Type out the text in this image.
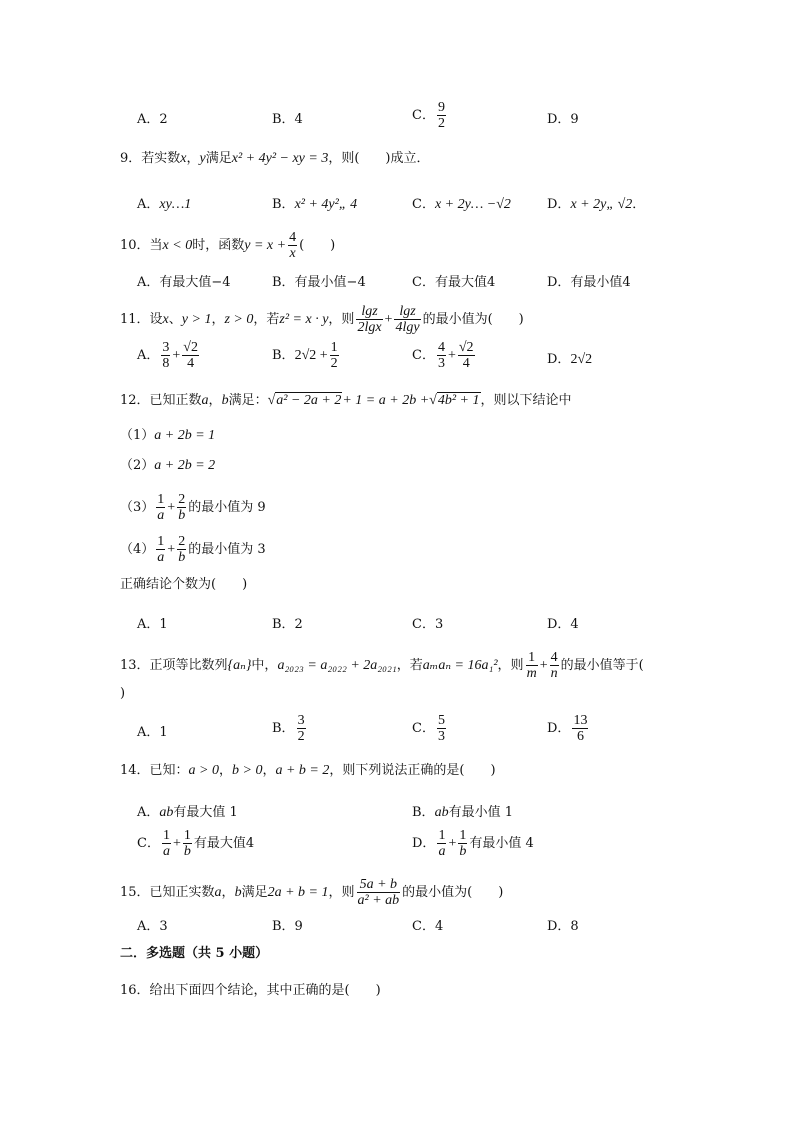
A．2	B．4	C． $\frac{9}{2}$	D．9
9．若实数x，y满足x² + 4y² − xy = 3，则(　　)成立．
A．xy…1	B．x² + 4y²„ 4	C．x + 2y… −√2	D．x + 2y„ √2．
10．当x < 0时，函数$y = x + \frac{4}{x}$ (　　)
A．有最大值−4	B．有最小值−4	C．有最大值4	D．有最小值4
11．设x、y > 1，z > 0，若z² = x · y，则 $\frac{\lg z}{2\lg x} + \frac{\lg z}{4\lg y}$ 的最小值为(　　)
A． $\frac{3}{8} + \frac{√2}{4}$	B．$2√2 + \frac{1}{2}$	C． $\frac{4}{3} + \frac{√2}{4}$	D．2√2
12．已知正数a，b满足：√a² − 2a + 2+ 1 = a + 2b +√4b² + 1，则以下结论中
（1）a + 2b = 1
（2）a + 2b = 2
$(3) \frac{1}{a} + \frac{2}{b}$ 的最小值为 9
$(4) \frac{1}{a} + \frac{2}{b}$ 的最小值为 3
正确结论个数为(　　)
A．1	B．2	C．3	D．4
13．正项等比数列{aₙ}中，a₂₀₂₃ = a₂₀₂₂ + 2a₂₀₂₁，若aₘaₙ = 16a₁²，则 $\frac{1}{m} + \frac{4}{n}$ 的最小值等于(
)
A．1	B． $\frac{3}{2}$	C． $\frac{5}{3}$	D． $\frac{13}{6}$
14．已知：a > 0，b > 0，a + b = 2，则下列说法正确的是(　　)
A．ab有最大值 1	B．ab有最小值 1
C． $\frac{1}{a} + \frac{1}{b}$ 有最大值4	D． $\frac{1}{a} + \frac{1}{b}$ 有最小值 4
15．已知正实数a，b满足2a + b = 1，则 $\frac{5a + b}{\text{a² + ab}}$ 的最小值为(　　)
A．3	B．9	C．4	D．8
二．多选题（共 5 小题）
16．给出下面四个结论，其中正确的是(　　)
